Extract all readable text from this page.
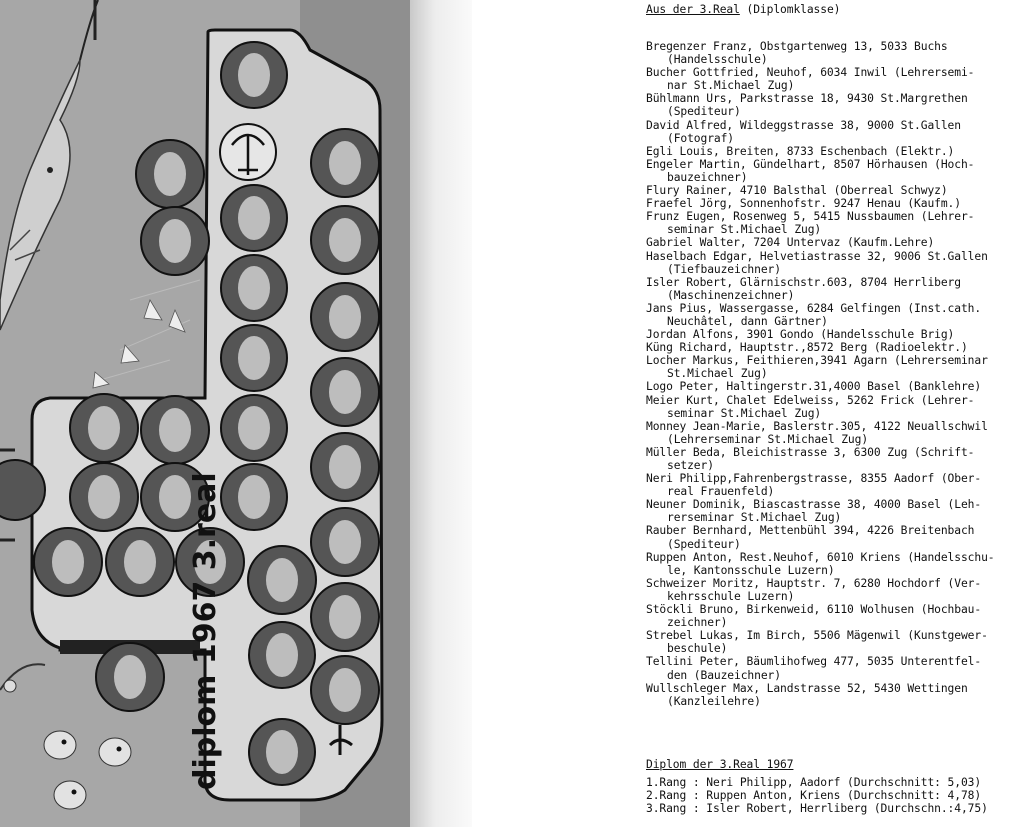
diplom 1967 3.real
Aus der 3.Real (Diplomklasse)
Bregenzer Franz, Obstgartenweg 13, 5033 Buchs
(Handelsschule)
Bucher Gottfried, Neuhof, 6034 Inwil (Lehrersemi-
nar St.Michael Zug)
Bühlmann Urs, Parkstrasse 18, 9430 St.Margrethen
(Spediteur)
David Alfred, Wildeggstrasse 38, 9000 St.Gallen
(Fotograf)
Egli Louis, Breiten, 8733 Eschenbach (Elektr.)
Engeler Martin, Gündelhart, 8507 Hörhausen (Hoch-
bauzeichner)
Flury Rainer, 4710 Balsthal (Oberreal Schwyz)
Fraefel Jörg, Sonnenhofstr. 9247 Henau (Kaufm.)
Frunz Eugen, Rosenweg 5, 5415 Nussbaumen (Lehrer-
seminar St.Michael Zug)
Gabriel Walter, 7204 Untervaz (Kaufm.Lehre)
Haselbach Edgar, Helvetiastrasse 32, 9006 St.Gallen
(Tiefbauzeichner)
Isler Robert, Glärnischstr.603, 8704 Herrliberg
(Maschinenzeichner)
Jans Pius, Wassergasse, 6284 Gelfingen (Inst.cath.
Neuchâtel, dann Gärtner)
Jordan Alfons, 3901 Gondo (Handelsschule Brig)
Küng Richard, Hauptstr.,8572 Berg (Radioelektr.)
Locher Markus, Feithieren,3941 Agarn (Lehrerseminar
St.Michael Zug)
Logo Peter, Haltingerstr.31,4000 Basel (Banklehre)
Meier Kurt, Chalet Edelweiss, 5262 Frick (Lehrer-
seminar St.Michael Zug)
Monney Jean-Marie, Baslerstr.305, 4122 Neuallschwil
(Lehrerseminar St.Michael Zug)
Müller Beda, Bleichistrasse 3, 6300 Zug (Schrift-
setzer)
Neri Philipp,Fahrenbergstrasse, 8355 Aadorf (Ober-
real Frauenfeld)
Neuner Dominik, Biascastrasse 38, 4000 Basel (Leh-
rerseminar St.Michael Zug)
Rauber Bernhard, Mettenbühl 394, 4226 Breitenbach
(Spediteur)
Ruppen Anton, Rest.Neuhof, 6010 Kriens (Handelsschu-
le, Kantonsschule Luzern)
Schweizer Moritz, Hauptstr. 7, 6280 Hochdorf (Ver-
kehrsschule Luzern)
Stöckli Bruno, Birkenweid, 6110 Wolhusen (Hochbau-
zeichner)
Strebel Lukas, Im Birch, 5506 Mägenwil (Kunstgewer-
beschule)
Tellini Peter, Bäumlihofweg 477, 5035 Unterentfel-
den (Bauzeichner)
Wullschleger Max, Landstrasse 52, 5430 Wettingen
(Kanzleilehre)
Diplom der 3.Real 1967
1.Rang : Neri Philipp, Aadorf (Durchschnitt: 5,03)
2.Rang : Ruppen Anton, Kriens (Durchschnitt: 4,78)
3.Rang : Isler Robert, Herrliberg (Durchschn.:4,75)
